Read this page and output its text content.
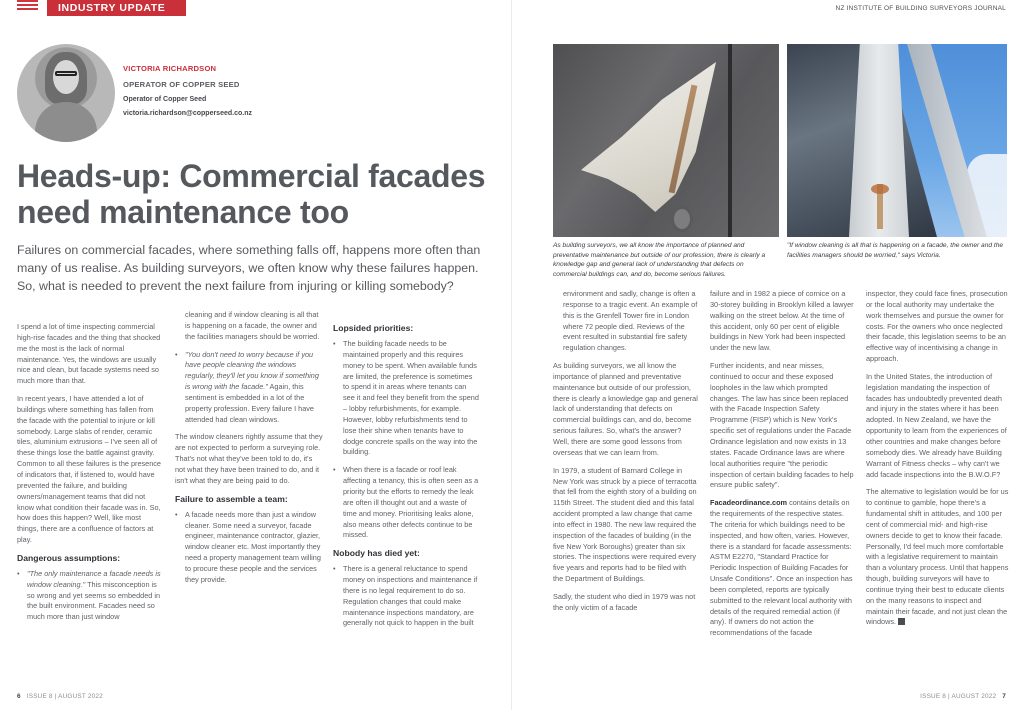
INDUSTRY UPDATE
VICTORIA RICHARDSON
OPERATOR OF COPPER SEED
Operator of Copper Seed
victoria.richardson@copperseed.co.nz
Heads-up: Commercial facades need maintenance too
Failures on commercial facades, where something falls off, happens more often than many of us realise. As building surveyors, we often know why these failures happen. So, what is needed to prevent the next failure from injuring or killing somebody?

I spend a lot of time inspecting commercial high-rise facades and the thing that shocked me the most is the lack of normal maintenance. Yes, the windows are usually nice and clean, but facade systems need so much more than that.

In recent years, I have attended a lot of buildings where something has fallen from the facade with the potential to injure or kill somebody. Large slabs of render, ceramic tiles, aluminium extrusions – I've seen all of these things lose the battle against gravity. Common to all these failures is the presence of indicators that, if listened to, would have prevented the failure, and building owners/management teams that did not know what condition their facade was in. So, how does this happen? Well, like most things, there are a confluence of factors at play.

Dangerous assumptions:
• "The only maintenance a facade needs is window cleaning." This misconception is so wrong and yet seems so embedded in the built environment. Facades need so much more than just window

cleaning and if window cleaning is all that is happening on a facade, the owner and the facilities managers should be worried.

• "You don't need to worry because if you have people cleaning the windows regularly, they'll let you know if something is wrong with the facade." Again, this sentiment is embedded in a lot of the property profession. Every failure I have attended had clean windows.

The window cleaners rightly assume that they are not expected to perform a surveying role. That's not what they've been told to do, it's not what they have been trained to do, and it isn't what they are being paid to do.

Failure to assemble a team:
• A facade needs more than just a window cleaner. Some need a surveyor, facade engineer, maintenance contractor, glazier, window cleaner etc. Most importantly they need a property management team willing to procure these people and the services they provide.
Lopsided priorities:
• The building facade needs to be maintained properly and this requires money to be spent. When available funds are limited, the preference is sometimes to spend it in areas where tenants can see it and feel they benefit from the spend – lobby refurbishments, for example. However, lobby refurbishments tend to lose their shine when tenants have to dodge concrete spalls on the way into the building.
• When there is a facade or roof leak affecting a tenancy, this is often seen as a priority but the efforts to remedy the leak are often ill thought out and a waste of time and money. Prioritising leaks alone, also means other defects continue to be missed.
Nobody has died yet:
• There is a general reluctance to spend money on inspections and maintenance if there is no legal requirement to do so. Regulation changes that could make maintenance inspections mandatory, are generally not quick to happen in the built
6 ISSUE 8 | AUGUST 2022
NZ INSTITUTE OF BUILDING SURVEYORS JOURNAL
As building surveyors, we all know the importance of planned and preventative maintenance but outside of our profession, there is clearly a knowledge gap and general lack of understanding that defects on commercial buildings can, and do, become serious failures.
"If window cleaning is all that is happening on a facade, the owner and the facilities managers should be worried," says Victoria.

environment and sadly, change is often a response to a tragic event. An example of this is the Grenfell Tower fire in London where 72 people died. Reviews of the event resulted in substantial fire safety regulation changes.

As building surveyors, we all know the importance of planned and preventative maintenance but outside of our profession, there is clearly a knowledge gap and general lack of understanding that defects on commercial buildings can, and do, become serious failures. So, what's the answer? Well, there are some good lessons from overseas that we can learn from.

In 1979, a student of Barnard College in New York was struck by a piece of terracotta that fell from the eighth story of a building on 115th Street. The student died and this fatal accident prompted a law change that came into effect in 1980. The new law required the inspection of the facades of building (in the five New York Boroughs) greater than six stories. The inspections were required every five years and reports had to be filed with the Department of Buildings.

Sadly, the student who died in 1979 was not the only victim of a facade

failure and in 1982 a piece of cornice on a 30-storey building in Brooklyn killed a lawyer walking on the street below. At the time of this accident, only 60 per cent of eligible buildings in New York had been inspected under the new law.

Further incidents, and near misses, continued to occur and these exposed loopholes in the law which prompted changes. The law has since been replaced with the Facade Inspection Safety Programme (FISP) which is New York's specific set of regulations under the Facade Ordinance legislation and now exists in 13 states. Facade Ordinance laws are where local authorities require "the periodic inspection of certain building facades to help ensure public safety".

Facadeordinance.com contains details on the requirements of the respective states. The criteria for which buildings need to be inspected, and how often, varies. However, there is a standard for facade assessments: ASTM E2270, "Standard Practice for Periodic Inspection of Building Facades for Unsafe Conditions". Once an inspection has been completed, reports are typically submitted to the relevant local authority with details of the required remedial action (if any). If owners do not action the recommendations of the facade

inspector, they could face fines, prosecution or the local authority may undertake the work themselves and pursue the owner for costs. For the owners who once neglected their facade, this legislation seems to be an effective way of incentivising a change in approach.

In the United States, the introduction of legislation mandating the inspection of facades has undoubtedly prevented death and injury in the states where it has been adopted. In New Zealand, we have the opportunity to learn from the experiences of other countries and make changes before somebody dies. We already have Building Warrant of Fitness checks – why can't we add facade inspections into the B.W.O.F?

The alternative to legislation would be for us to continue to gamble, hope there's a fundamental shift in attitudes, and 100 per cent of commercial mid- and high-rise owners decide to get to know their facade. Personally, I'd feel much more comfortable with a legislative requirement to maintain than a voluntary process. Until that happens though, building surveyors will have to continue trying their best to educate clients on the many reasons to inspect and maintain their facade, and not just clean the windows.

ISSUE 8 | AUGUST 2022 7
